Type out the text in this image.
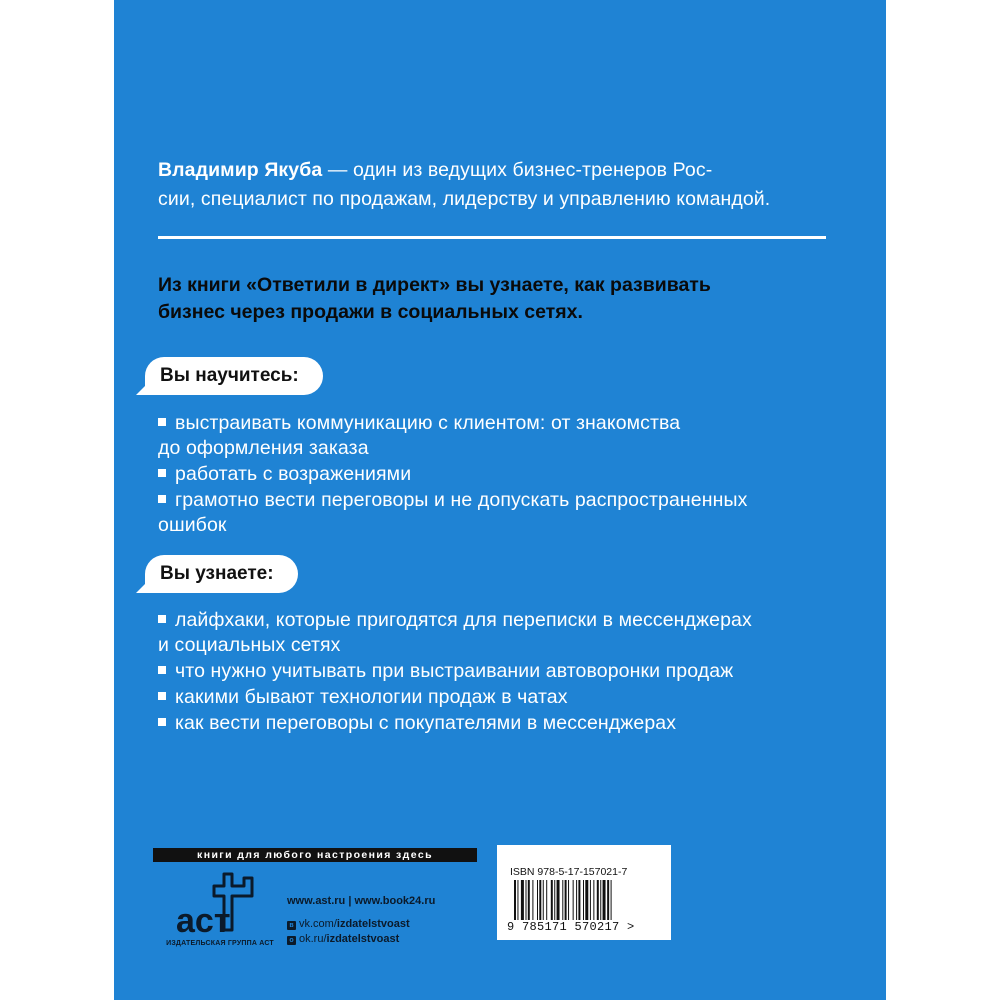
Владимир Якуба — один из ведущих бизнес-тренеров Рос-
сии, специалист по продажам, лидерству и управлению командой.
Из книги «Ответили в директ» вы узнаете, как развивать
бизнес через продажи в социальных сетях.
Вы научитесь:
выстраивать коммуникацию с клиентом: от знакомства
до оформления заказа
работать с возражениями
грамотно вести переговоры и не допускать распространенных
ошибок
Вы узнаете:
лайфхаки, которые пригодятся для переписки в мессенджерах
и социальных сетях
что нужно учитывать при выстраивании автоворонки продаж
какими бывают технологии продаж в чатах
как вести переговоры с покупателями в мессенджерах
книги для любого настроения здесь
аст
ИЗДАТЕЛЬСКАЯ ГРУППА АСТ
www.ast.ru | www.book24.ru
в vk.com/izdatelstvoast
о ok.ru/izdatelstvoast
ISBN 978-5-17-157021-7
9 785171 570217 >
